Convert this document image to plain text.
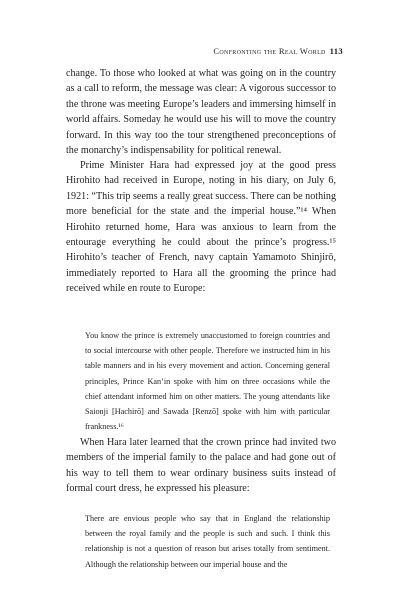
Confronting the Real World 113

change. To those who looked at what was going on in the country as a call to reform, the message was clear: A vigorous successor to the throne was meeting Europe’s leaders and immersing himself in world affairs. Someday he would use his will to move the country forward. In this way too the tour strengthened preconceptions of the monarchy’s indispensability for political renewal.

Prime Minister Hara had expressed joy at the good press Hirohito had received in Europe, noting in his diary, on July 6, 1921: “This trip seems a really great success. There can be nothing more beneficial for the state and the imperial house.”¹⁴ When Hirohito returned home, Hara was anxious to learn from the entourage everything he could about the prince’s progress.¹⁵ Hirohito’s teacher of French, navy captain Yamamoto Shinjirō, immediately reported to Hara all the grooming the prince had received while en route to Europe:

You know the prince is extremely unaccustomed to foreign countries and to social intercourse with other people. Therefore we instructed him in his table manners and in his every movement and action. Concerning general principles, Prince Kan’in spoke with him on three occasions while the chief attendant informed him on other matters. The young attendants like Saionji [Hachirō] and Sawada [Renzō] spoke with him with particular frankness.¹⁶

When Hara later learned that the crown prince had invited two members of the imperial family to the palace and had gone out of his way to tell them to wear ordinary business suits instead of formal court dress, he expressed his pleasure:

There are envious people who say that in England the relationship between the royal family and the people is such and such. I think this relationship is not a question of reason but arises totally from sentiment. Although the relationship between our imperial house and the
